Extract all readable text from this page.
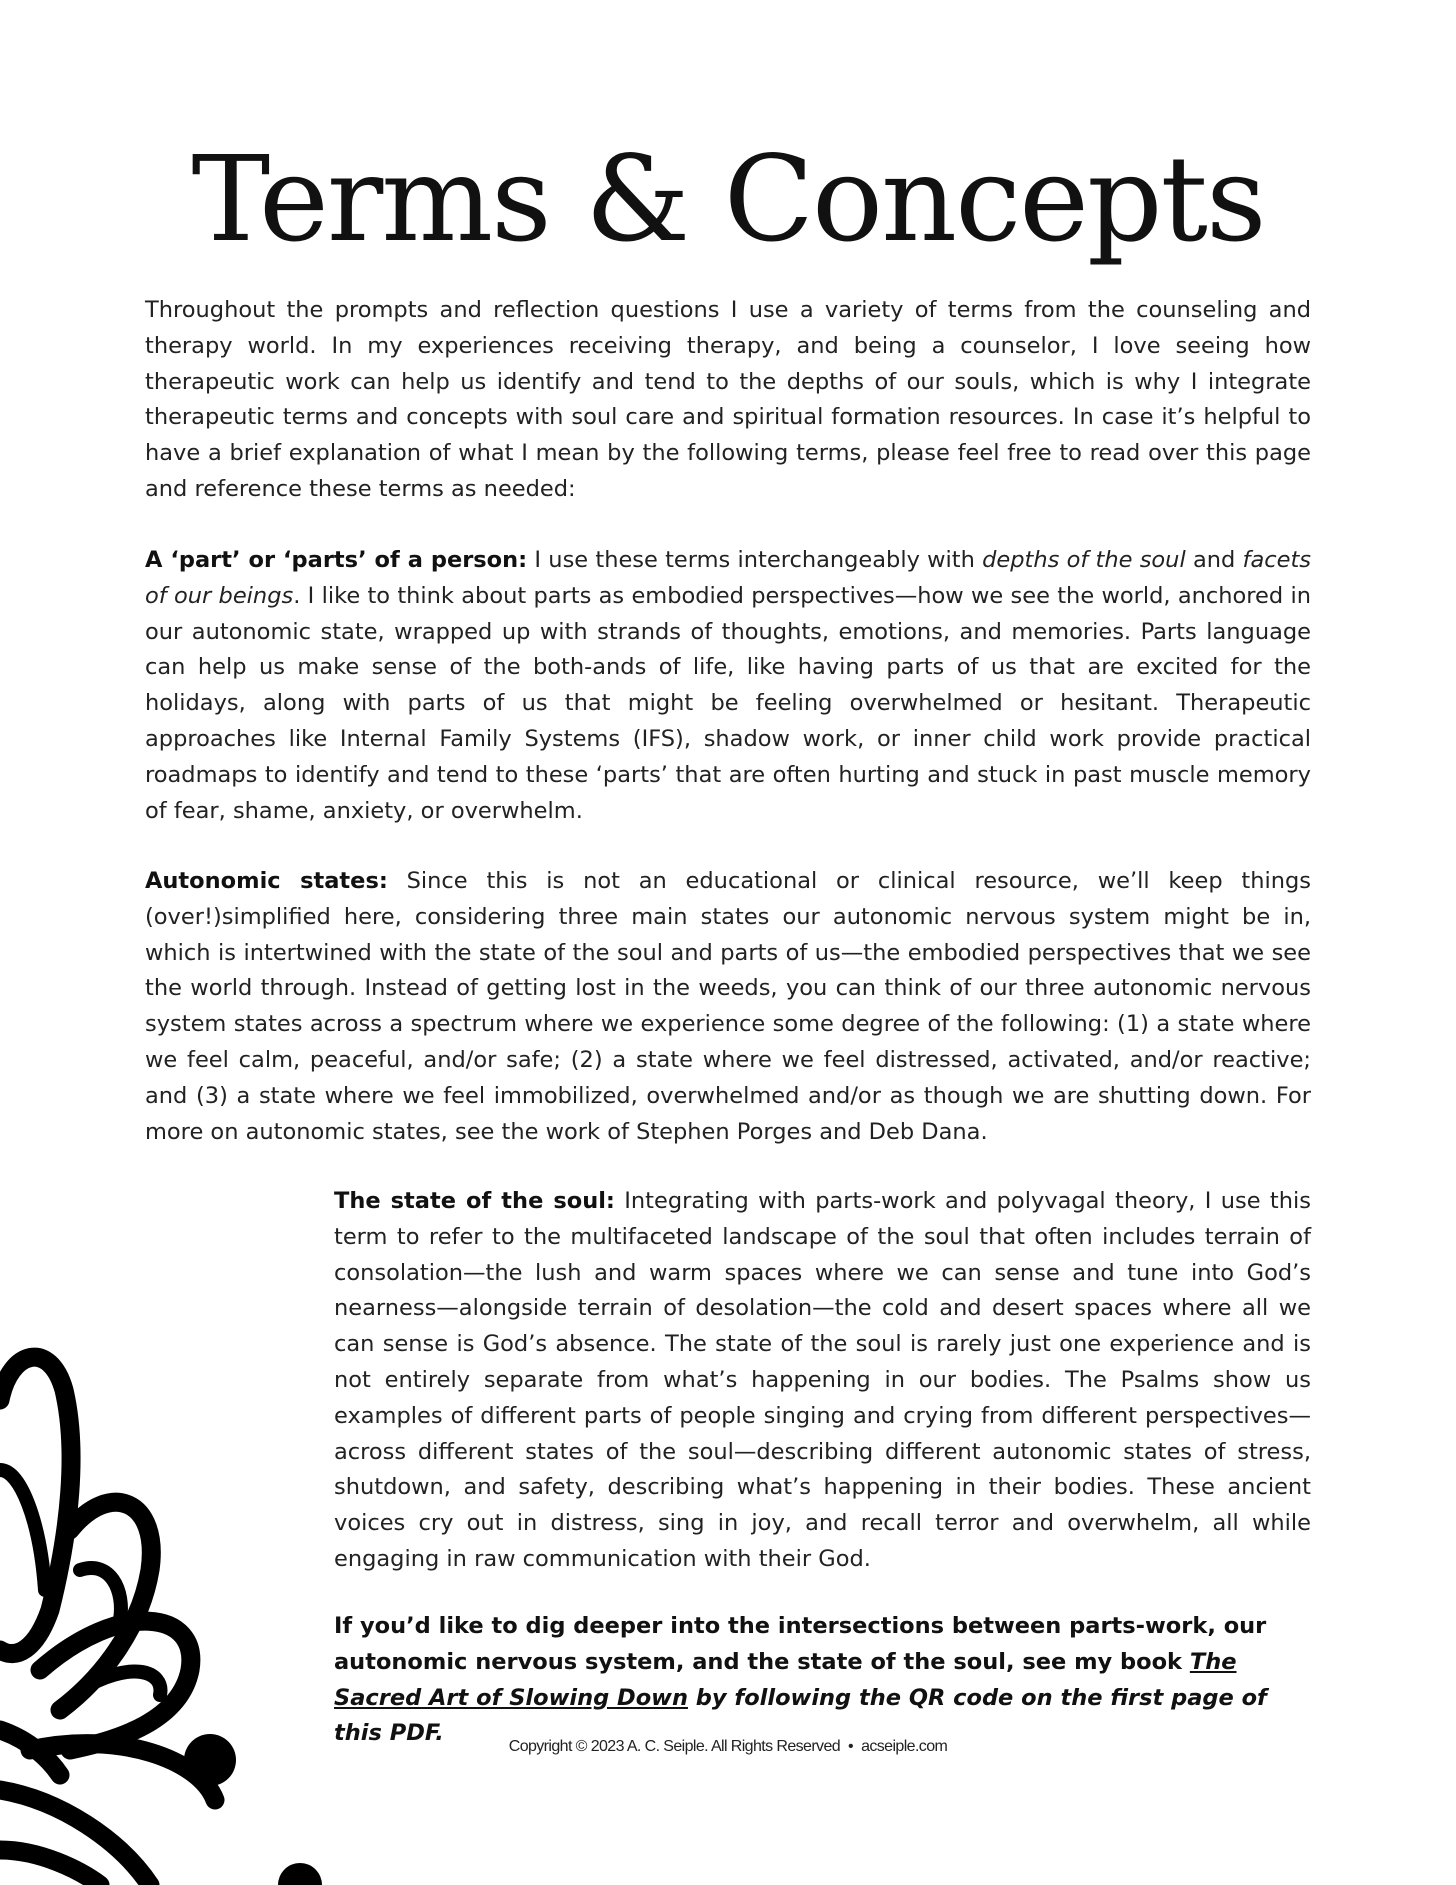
Terms & Concepts

Throughout the prompts and reflection questions I use a variety of terms from the counseling and therapy world. In my experiences receiving therapy, and being a counselor, I love seeing how therapeutic work can help us identify and tend to the depths of our souls, which is why I integrate therapeutic terms and concepts with soul care and spiritual formation resources. In case it’s helpful to have a brief explanation of what I mean by the following terms, please feel free to read over this page and reference these terms as needed:

A ‘part’ or ‘parts’ of a person: I use these terms interchangeably with depths of the soul and facets of our beings. I like to think about parts as embodied perspectives—how we see the world, anchored in our autonomic state, wrapped up with strands of thoughts, emotions, and memories. Parts language can help us make sense of the both-ands of life, like having parts of us that are excited for the holidays, along with parts of us that might be feeling overwhelmed or hesitant. Therapeutic approaches like Internal Family Systems (IFS), shadow work, or inner child work provide practical roadmaps to identify and tend to these ‘parts’ that are often hurting and stuck in past muscle memory of fear, shame, anxiety, or overwhelm.

Autonomic states: Since this is not an educational or clinical resource, we’ll keep things (over!)simplified here, considering three main states our autonomic nervous system might be in, which is intertwined with the state of the soul and parts of us—the embodied perspectives that we see the world through. Instead of getting lost in the weeds, you can think of our three autonomic nervous system states across a spectrum where we experience some degree of the following: (1) a state where we feel calm, peaceful, and/or safe; (2) a state where we feel distressed, activated, and/or reactive; and (3) a state where we feel immobilized, overwhelmed and/or as though we are shutting down. For more on autonomic states, see the work of Stephen Porges and Deb Dana.

The state of the soul: Integrating with parts-work and polyvagal theory, I use this term to refer to the multifaceted landscape of the soul that often includes terrain of consolation—the lush and warm spaces where we can sense and tune into God’s nearness—alongside terrain of desolation—the cold and desert spaces where all we can sense is God’s absence. The state of the soul is rarely just one experience and is not entirely separate from what’s happening in our bodies. The Psalms show us examples of different parts of people singing and crying from different perspectives—across different states of the soul—describing different autonomic states of stress, shutdown, and safety, describing what’s happening in their bodies. These ancient voices cry out in distress, sing in joy, and recall terror and overwhelm, all while engaging in raw communication with their God.

If you’d like to dig deeper into the intersections between parts-work, our autonomic nervous system, and the state of the soul, see my book The Sacred Art of Slowing Down by following the QR code on the first page of this PDF.

Copyright © 2023 A. C. Seiple. All Rights Reserved • acseiple.com
